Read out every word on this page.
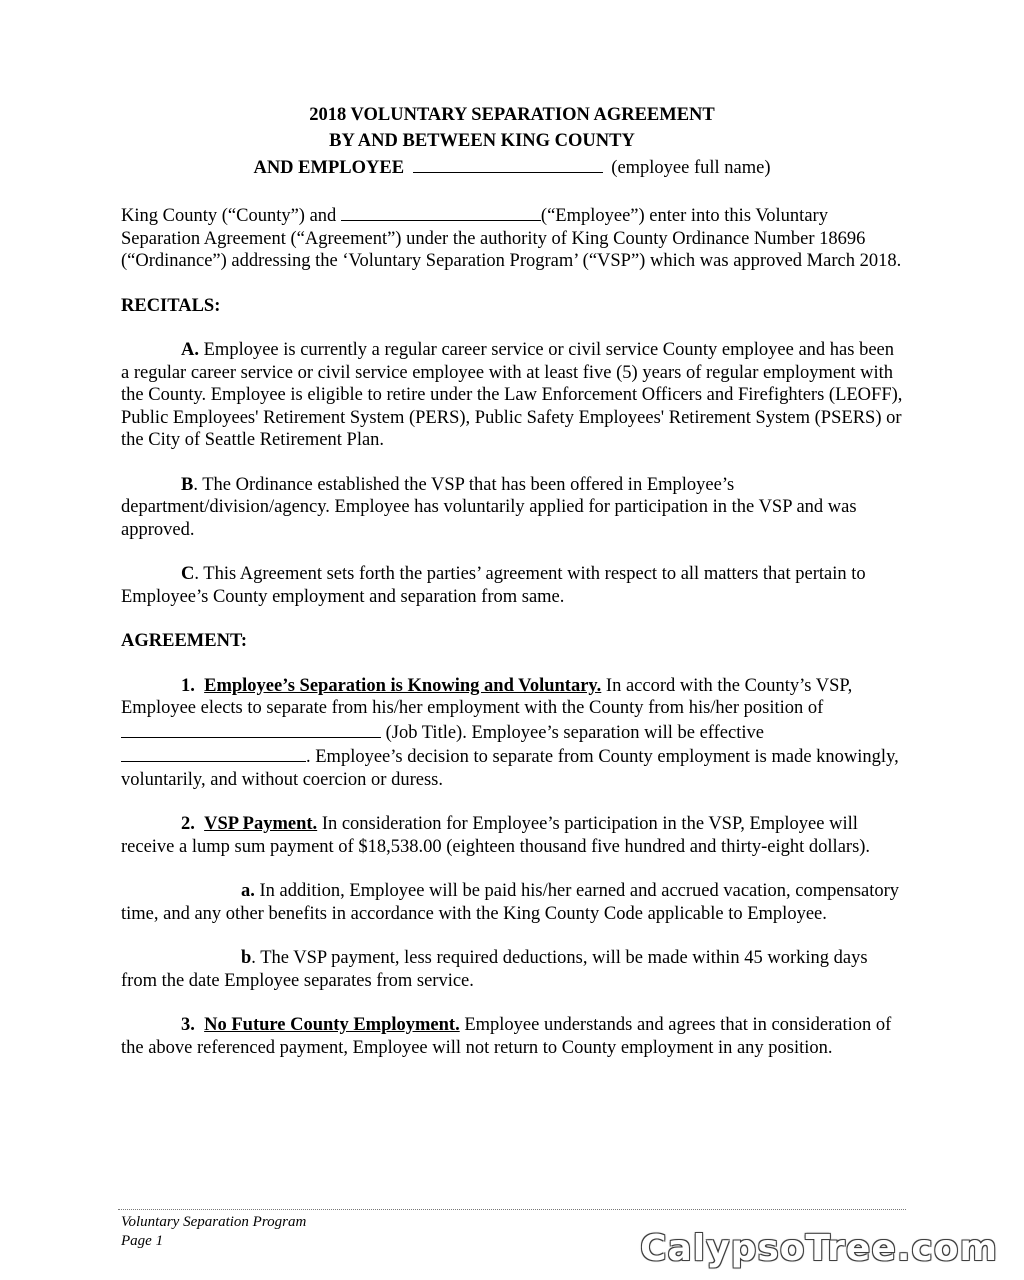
2018 VOLUNTARY SEPARATION AGREEMENT
BY AND BETWEEN KING COUNTY
AND EMPLOYEE	(employee full name)

King County (“County”) and	(“Employee”) enter into this Voluntary Separation Agreement (“Agreement”) under the authority of King County Ordinance Number 18696 (“Ordinance”) addressing the ‘Voluntary Separation Program’ (“VSP”) which was approved March 2018.

RECITALS:

A. Employee is currently a regular career service or civil service County employee and has been a regular career service or civil service employee with at least five (5) years of regular employment with the County. Employee is eligible to retire under the Law Enforcement Officers and Firefighters (LEOFF), Public Employees' Retirement System (PERS), Public Safety Employees' Retirement System (PSERS) or the City of Seattle Retirement Plan.

B. The Ordinance established the VSP that has been offered in Employee’s department/division/agency. Employee has voluntarily applied for participation in the VSP and was approved.

C. This Agreement sets forth the parties’ agreement with respect to all matters that pertain to Employee’s County employment and separation from same.

AGREEMENT:

1. Employee’s Separation is Knowing and Voluntary. In accord with the County’s VSP, Employee elects to separate from his/her employment with the County from his/her position of (Job Title). Employee’s separation will be effective . Employee’s decision to separate from County employment is made knowingly, voluntarily, and without coercion or duress.

2. VSP Payment. In consideration for Employee’s participation in the VSP, Employee will receive a lump sum payment of $18,538.00 (eighteen thousand five hundred and thirty-eight dollars).

a. In addition, Employee will be paid his/her earned and accrued vacation, compensatory time, and any other benefits in accordance with the King County Code applicable to Employee.

b. The VSP payment, less required deductions, will be made within 45 working days from the date Employee separates from service.

3. No Future County Employment. Employee understands and agrees that in consideration of the above referenced payment, Employee will not return to County employment in any position.

Voluntary Separation Program
Page 1	CalypsoTree.com
